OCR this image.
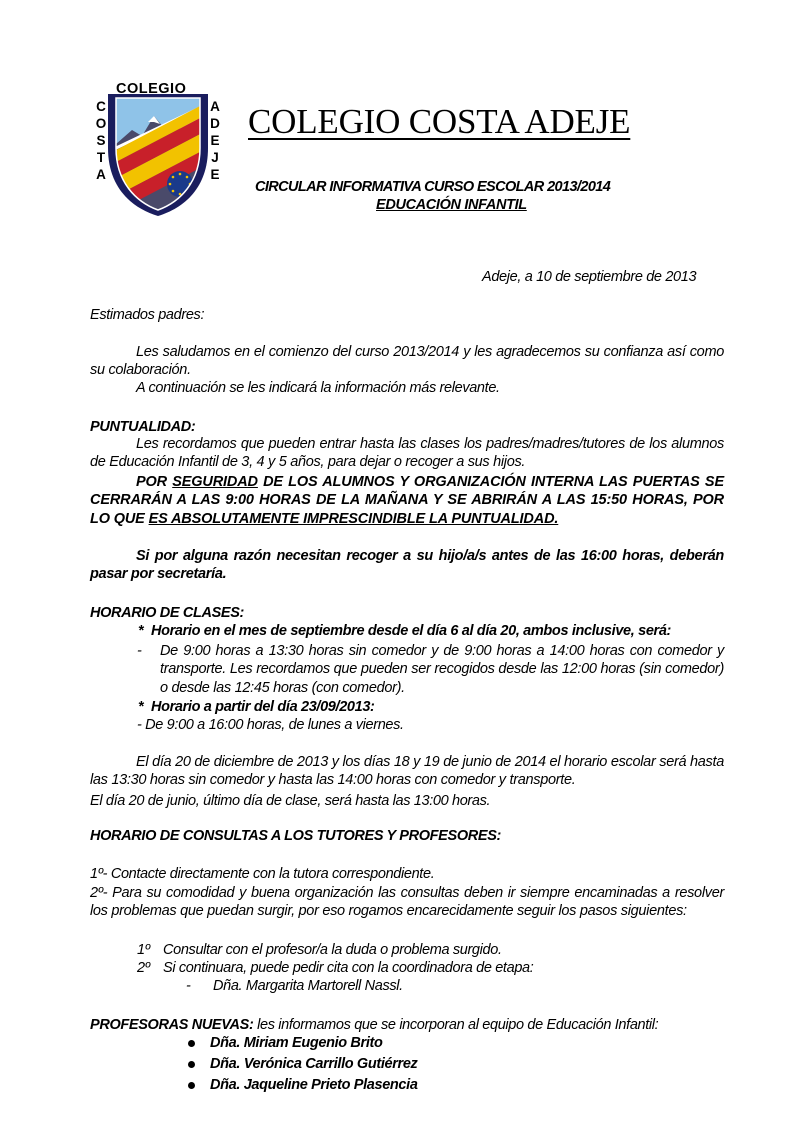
COLEGIO
COSTA
ADEJE
COLEGIO COSTA ADEJE
CIRCULAR INFORMATIVA CURSO ESCOLAR 2013/2014
EDUCACIÓN INFANTIL
Adeje, a 10 de septiembre de 2013
Estimados padres:
Les saludamos en el comienzo del curso 2013/2014 y les agradecemos su confianza así como su colaboración.
A continuación se les indicará la información más relevante.
PUNTUALIDAD:
Les recordamos que pueden entrar hasta las clases los padres/madres/tutores de los alumnos de Educación Infantil de 3, 4 y 5 años, para dejar o recoger a sus hijos.
POR SEGURIDAD DE LOS ALUMNOS Y ORGANIZACIÓN INTERNA LAS PUERTAS SE CERRARÁN A LAS 9:00 HORAS DE LA MAÑANA Y SE ABRIRÁN A LAS 15:50 HORAS, POR LO QUE ES ABSOLUTAMENTE IMPRESCINDIBLE LA PUNTUALIDAD.
Si por alguna razón necesitan recoger a su hijo/a/s antes de las 16:00 horas, deberán pasar por secretaría.
HORARIO DE CLASES:
* Horario en el mes de septiembre desde el día 6 al día 20, ambos inclusive, será:
- De 9:00 horas a 13:30 horas sin comedor y de 9:00 horas a 14:00 horas con comedor y transporte. Les recordamos que pueden ser recogidos desde las 12:00 horas (sin comedor) o desde las 12:45 horas (con comedor).
* Horario a partir del día 23/09/2013:
- De 9:00 a 16:00 horas, de lunes a viernes.
El día 20 de diciembre de 2013 y los días 18 y 19 de junio de 2014 el horario escolar será hasta las 13:30 horas sin comedor y hasta las 14:00 horas con comedor y transporte.
El día 20 de junio, último día de clase, será hasta las 13:00 horas.
HORARIO DE CONSULTAS A LOS TUTORES Y PROFESORES:
1º- Contacte directamente con la tutora correspondiente.
2º- Para su comodidad y buena organización las consultas deben ir siempre encaminadas a resolver los problemas que puedan surgir, por eso rogamos encarecidamente seguir los pasos siguientes:
1º Consultar con el profesor/a la duda o problema surgido.
2º Si continuara, puede pedir cita con la coordinadora de etapa:
- Dña. Margarita Martorell Nassl.
PROFESORAS NUEVAS: les informamos que se incorporan al equipo de Educación Infantil:
Dña. Miriam Eugenio Brito
Dña. Verónica Carrillo Gutiérrez
Dña. Jaqueline Prieto Plasencia
